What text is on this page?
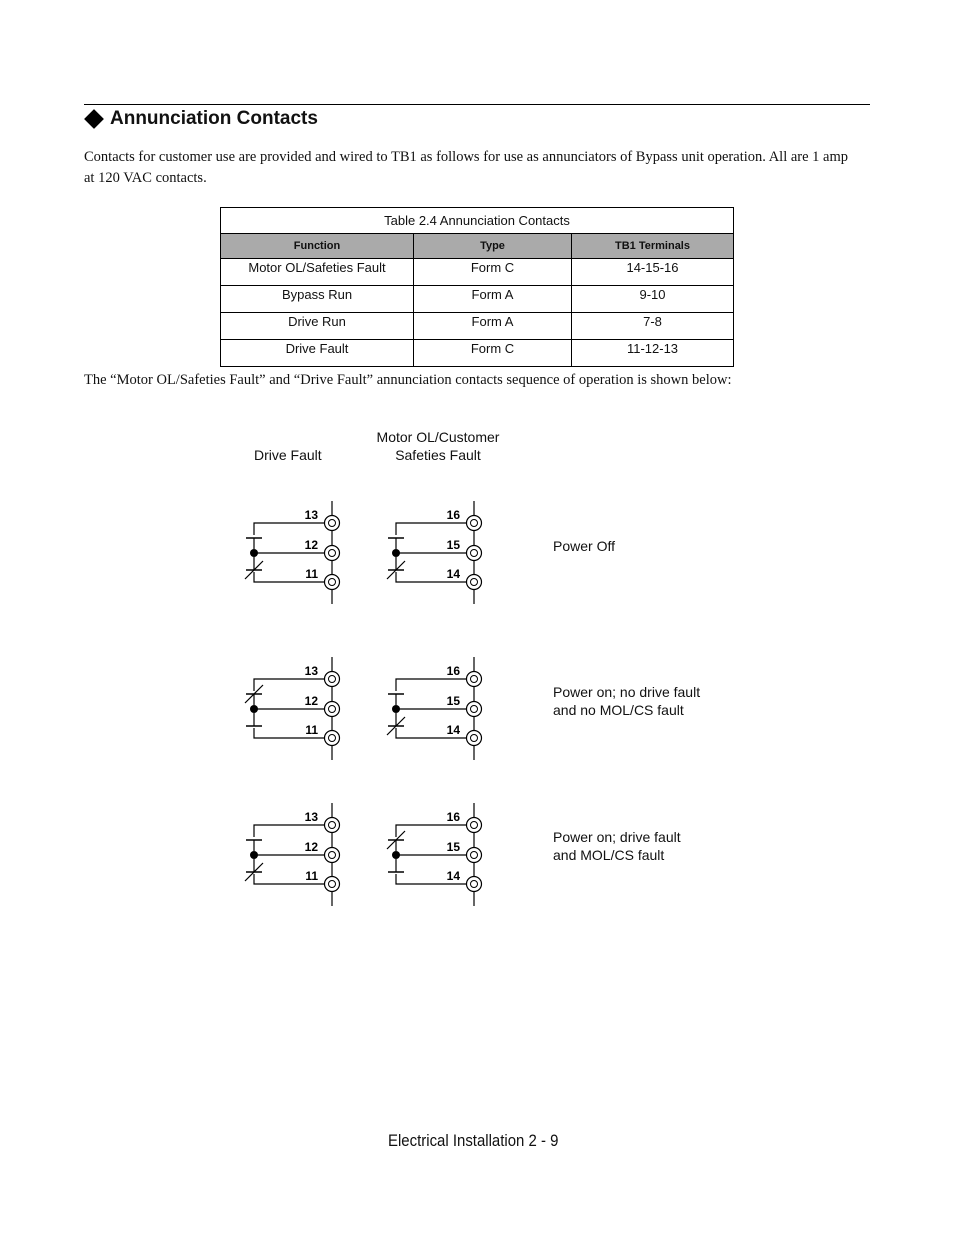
Annunciation Contacts
Contacts for customer use are provided and wired to TB1 as follows for use as annunciators of Bypass unit operation. All are 1 amp at 120 VAC contacts.
Table 2.4 Annunciation Contacts		
Function	Type	TB1 Terminals
Motor OL/Safeties Fault	Form C	14-15-16
Bypass Run	Form A	9-10
Drive Run	Form A	7-8
Drive Fault	Form C	11-12-13
The “Motor OL/Safeties Fault” and “Drive Fault” annunciation contacts sequence of operation is shown below:
Drive Fault
Motor OL/Customer
Safeties Fault
Power Off
Power on; no drive fault
and no MOL/CS fault
Power on; drive fault
and MOL/CS fault
13
12
11
16
15
14
13
12
11
16
15
14
13
12
11
16
15
14
Electrical Installation 2 - 9
